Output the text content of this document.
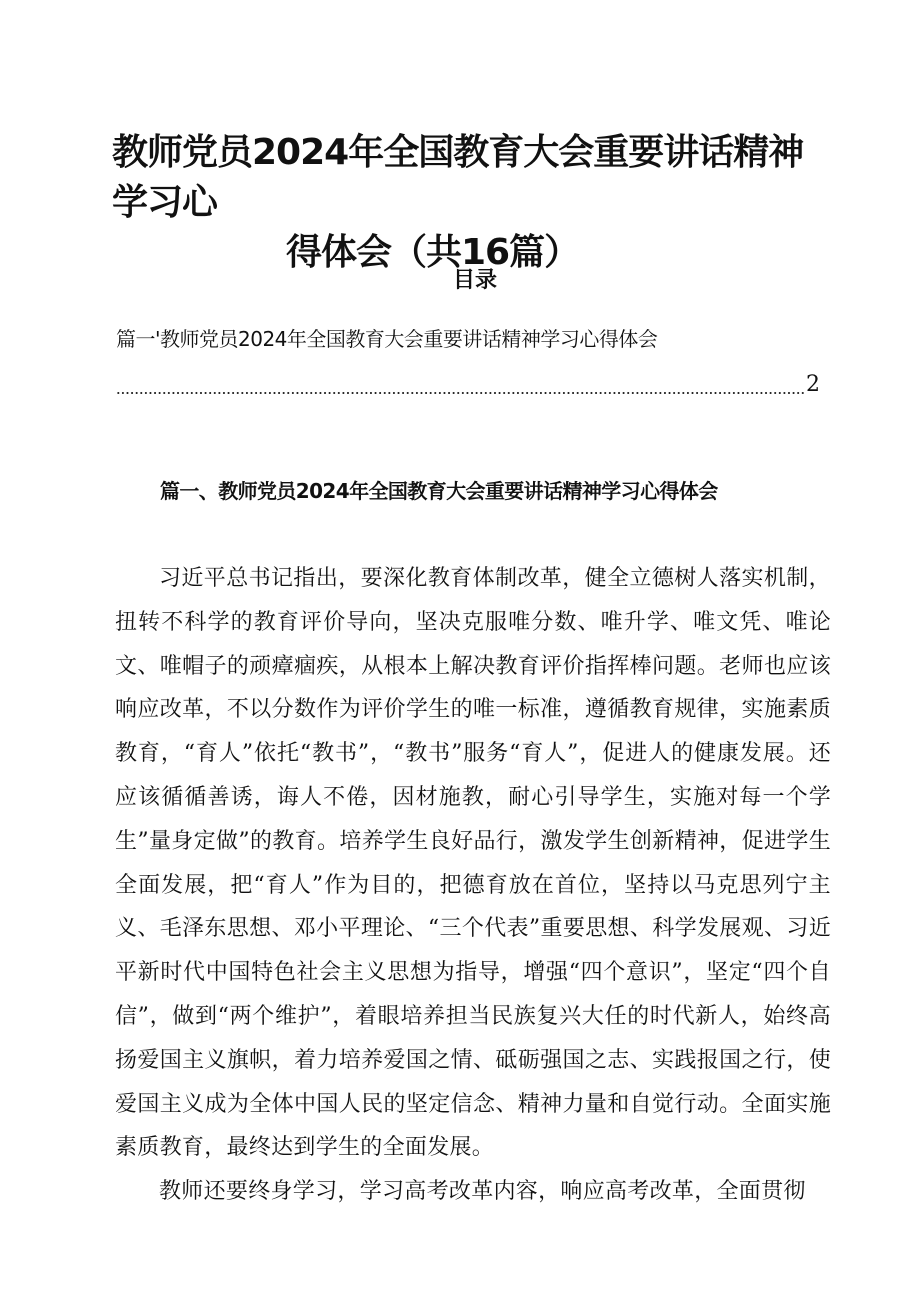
教师党员2024年全国教育大会重要讲话精神学习心
得体会（共16篇）
目录
篇一'教师党员2024年全国教育大会重要讲话精神学习心得体会
2
篇一、教师党员2024年全国教育大会重要讲话精神学习心得体会

习近平总书记指出，要深化教育体制改革，健全立德树人落实机制，扭转不科学的教育评价导向，坚决克服唯分数、唯升学、唯文凭、唯论文、唯帽子的顽瘴痼疾，从根本上解决教育评价指挥棒问题。老师也应该响应改革，不以分数作为评价学生的唯一标准，遵循教育规律，实施素质教育，“育人”依托“教书”，“教书”服务“育人”，促进人的健康发展。还应该循循善诱，诲人不倦，因材施教，耐心引导学生，实施对每一个学生”量身定做”的教育。培养学生良好品行，激发学生创新精神，促进学生全面发展，把“育人”作为目的，把德育放在首位，坚持以马克思列宁主义、毛泽东思想、邓小平理论、“三个代表”重要思想、科学发展观、习近平新时代中国特色社会主义思想为指导，增强“四个意识”，坚定“四个自信”，做到“两个维护”，着眼培养担当民族复兴大任的时代新人，始终高扬爱国主义旗帜，着力培养爱国之情、砥砺强国之志、实践报国之行，使爱国主义成为全体中国人民的坚定信念、精神力量和自觉行动。全面实施素质教育，最终达到学生的全面发展。

教师还要终身学习，学习高考改革内容，响应高考改革，全面贯彻
